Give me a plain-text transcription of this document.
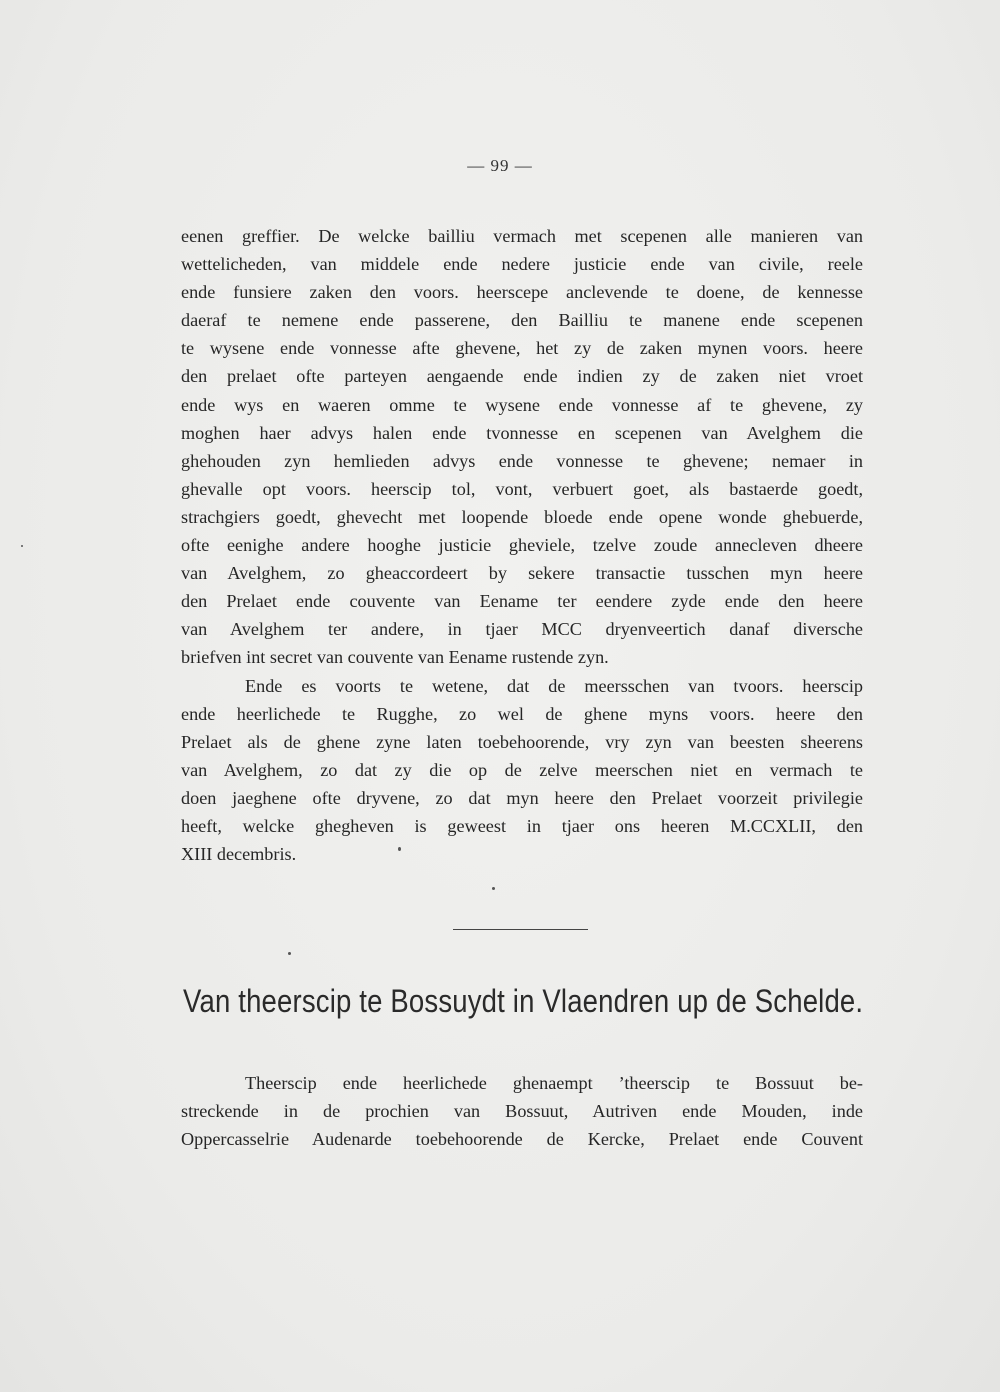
— 99 —
eenen greffier. De welcke bailliu vermach met scepenen alle manieren van
wettelicheden, van middele ende nedere justicie ende van civile, reele
ende funsiere zaken den voors. heerscepe anclevende te doene, de kennesse
daeraf te nemene ende passerene, den Bailliu te manene ende scepenen
te wysene ende vonnesse afte ghevene, het zy de zaken mynen voors. heere
den prelaet ofte parteyen aengaende ende indien zy de zaken niet vroet
ende wys en waeren omme te wysene ende vonnesse af te ghevene, zy
moghen haer advys halen ende tvonnesse en scepenen van Avelghem die
ghehouden zyn hemlieden advys ende vonnesse te ghevene; nemaer in
ghevalle opt voors. heerscip tol, vont, verbuert goet, als bastaerde goedt,
strachgiers goedt, ghevecht met loopende bloede ende opene wonde ghebuerde,
ofte eenighe andere hooghe justicie gheviele, tzelve zoude annecleven dheere
van Avelghem, zo gheaccordeert by sekere transactie tusschen myn heere
den Prelaet ende couvente van Eename ter eendere zyde ende den heere
van Avelghem ter andere, in tjaer MCC dryenveertich danaf diversche
briefven int secret van couvente van Eename rustende zyn.
Ende es voorts te wetene, dat de meersschen van tvoors. heerscip
ende heerlichede te Rugghe, zo wel de ghene myns voors. heere den
Prelaet als de ghene zyne laten toebehoorende, vry zyn van beesten sheerens
van Avelghem, zo dat zy die op de zelve meerschen niet en vermach te
doen jaeghene ofte dryvene, zo dat myn heere den Prelaet voorzeit privilegie
heeft, welcke ghegheven is geweest in tjaer ons heeren M.CCXLII, den
XIII decembris.
Van theerscip te Bossuydt in Vlaendren up de Schelde.
Theerscip ende heerlichede ghenaempt ’theerscip te Bossuut be-
streckende in de prochien van Bossuut, Autriven ende Mouden, inde
Oppercasselrie Audenarde toebehoorende de Kercke, Prelaet ende Couvent
